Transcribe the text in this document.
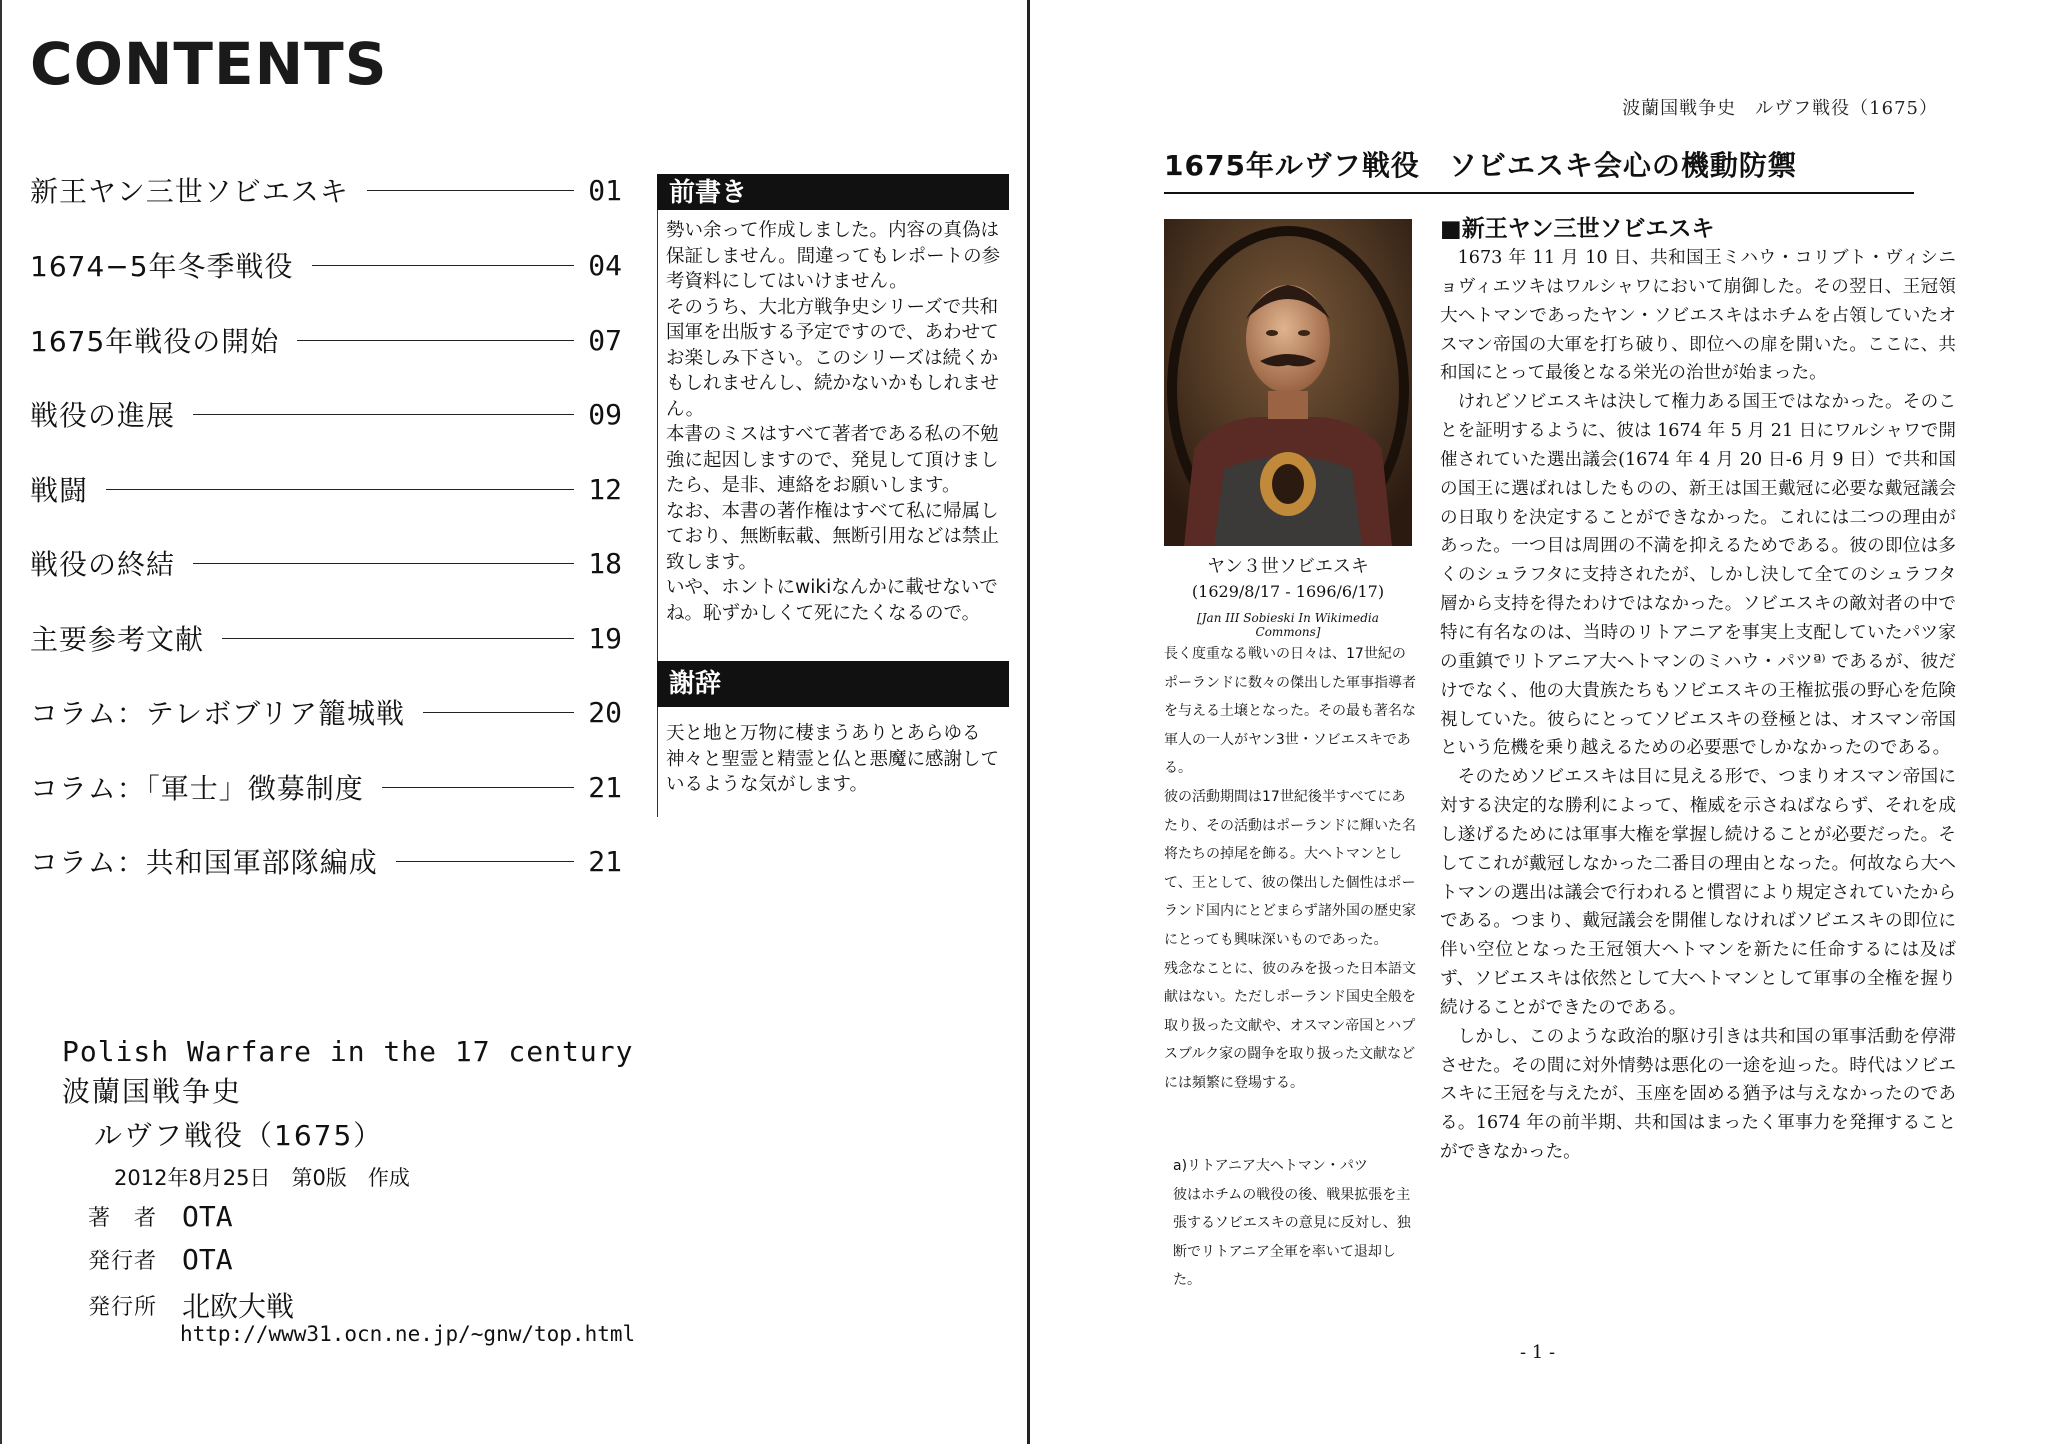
CONTENTS
新王ヤン三世ソビエスキ	01
1674−5年冬季戦役	04
1675年戦役の開始	07
戦役の進展	09
戦闘	12
戦役の終結	18
主要参考文献	19
コラム：テレボブリア籠城戦	20
コラム：「軍士」徴募制度	21
コラム：共和国軍部隊編成	21
前書き

勢い余って作成しました。内容の真偽は保証しません。間違ってもレポートの参考資料にしてはいけません。

そのうち、大北方戦争史シリーズで共和国軍を出版する予定ですので、あわせてお楽しみ下さい。このシリーズは続くかもしれませんし、続かないかもしれません。

本書のミスはすべて著者である私の不勉強に起因しますので、発見して頂けましたら、是非、連絡をお願いします。

なお、本書の著作権はすべて私に帰属しており、無断転載、無断引用などは禁止致します。

いや、ホントにwikiなんかに載せないでね。恥ずかしくて死にたくなるので。

謝辞
天と地と万物に棲まうありとあらゆる神々と聖霊と精霊と仏と悪魔に感謝しているような気がします。
Polish Warfare in the 17 century
波蘭国戦争史
ルヴフ戦役（1675）
2012年8月25日　第0版　作成
著　者 OTA
発行者 OTA
発行所 北欧大戦
http://www31.ocn.ne.jp/~gnw/top.html
波蘭国戦争史　ルヴフ戦役（1675）
1675年ルヴフ戦役　ソビエスキ会心の機動防禦
ヤン３世ソビエスキ
(1629/8/17 - 1696/6/17)
[Jan III Sobieski In Wikimedia Commons]

長く度重なる戦いの日々は、17世紀のポーランドに数々の傑出した軍事指導者を与える土壌となった。その最も著名な軍人の一人がヤン3世・ソビエスキである。

彼の活動期間は17世紀後半すべてにあたり、その活動はポーランドに輝いた名将たちの掉尾を飾る。大ヘトマンとして、王として、彼の傑出した個性はポーランド国内にとどまらず諸外国の歴史家にとっても興味深いものであった。

残念なことに、彼のみを扱った日本語文献はない。ただしポーランド国史全般を取り扱った文献や、オスマン帝国とハプスブルク家の闘争を取り扱った文献などには頻繁に登場する。

a)リトアニア大ヘトマン・パツ

彼はホチムの戦役の後、戦果拡張を主張するソビエスキの意見に反対し、独断でリトアニア全軍を率いて退却した。

■新王ヤン三世ソビエスキ

1673 年 11 月 10 日、共和国王ミハウ・コリブト・ヴィシニョヴィエツキはワルシャワにおいて崩御した。その翌日、王冠領大ヘトマンであったヤン・ソビエスキはホチムを占領していたオスマン帝国の大軍を打ち破り、即位への扉を開いた。ここに、共和国にとって最後となる栄光の治世が始まった。

けれどソビエスキは決して権力ある国王ではなかった。そのことを証明するように、彼は 1674 年 5 月 21 日にワルシャワで開催されていた選出議会(1674 年 4 月 20 日-6 月 9 日）で共和国の国王に選ばれはしたものの、新王は国王戴冠に必要な戴冠議会の日取りを決定することができなかった。これには二つの理由があった。一つ目は周囲の不満を抑えるためである。彼の即位は多くのシュラフタに支持されたが、しかし決して全てのシュラフタ層から支持を得たわけではなかった。ソビエスキの敵対者の中で特に有名なのは、当時のリトアニアを事実上支配していたパツ家の重鎮でリトアニア大ヘトマンのミハウ・パツª⁾ であるが、彼だけでなく、他の大貴族たちもソビエスキの王権拡張の野心を危険視していた。彼らにとってソビエスキの登極とは、オスマン帝国という危機を乗り越えるための必要悪でしかなかったのである。

そのためソビエスキは目に見える形で、つまりオスマン帝国に対する決定的な勝利によって、権威を示さねばならず、それを成し遂げるためには軍事大権を掌握し続けることが必要だった。そしてこれが戴冠しなかった二番目の理由となった。何故なら大ヘトマンの選出は議会で行われると慣習により規定されていたからである。つまり、戴冠議会を開催しなければソビエスキの即位に伴い空位となった王冠領大ヘトマンを新たに任命するには及ばず、ソビエスキは依然として大ヘトマンとして軍事の全権を握り続けることができたのである。

しかし、このような政治的駆け引きは共和国の軍事活動を停滞させた。その間に対外情勢は悪化の一途を辿った。時代はソビエスキに王冠を与えたが、玉座を固める猶予は与えなかったのである。1674 年の前半期、共和国はまったく軍事力を発揮することができなかった。

- 1 -
